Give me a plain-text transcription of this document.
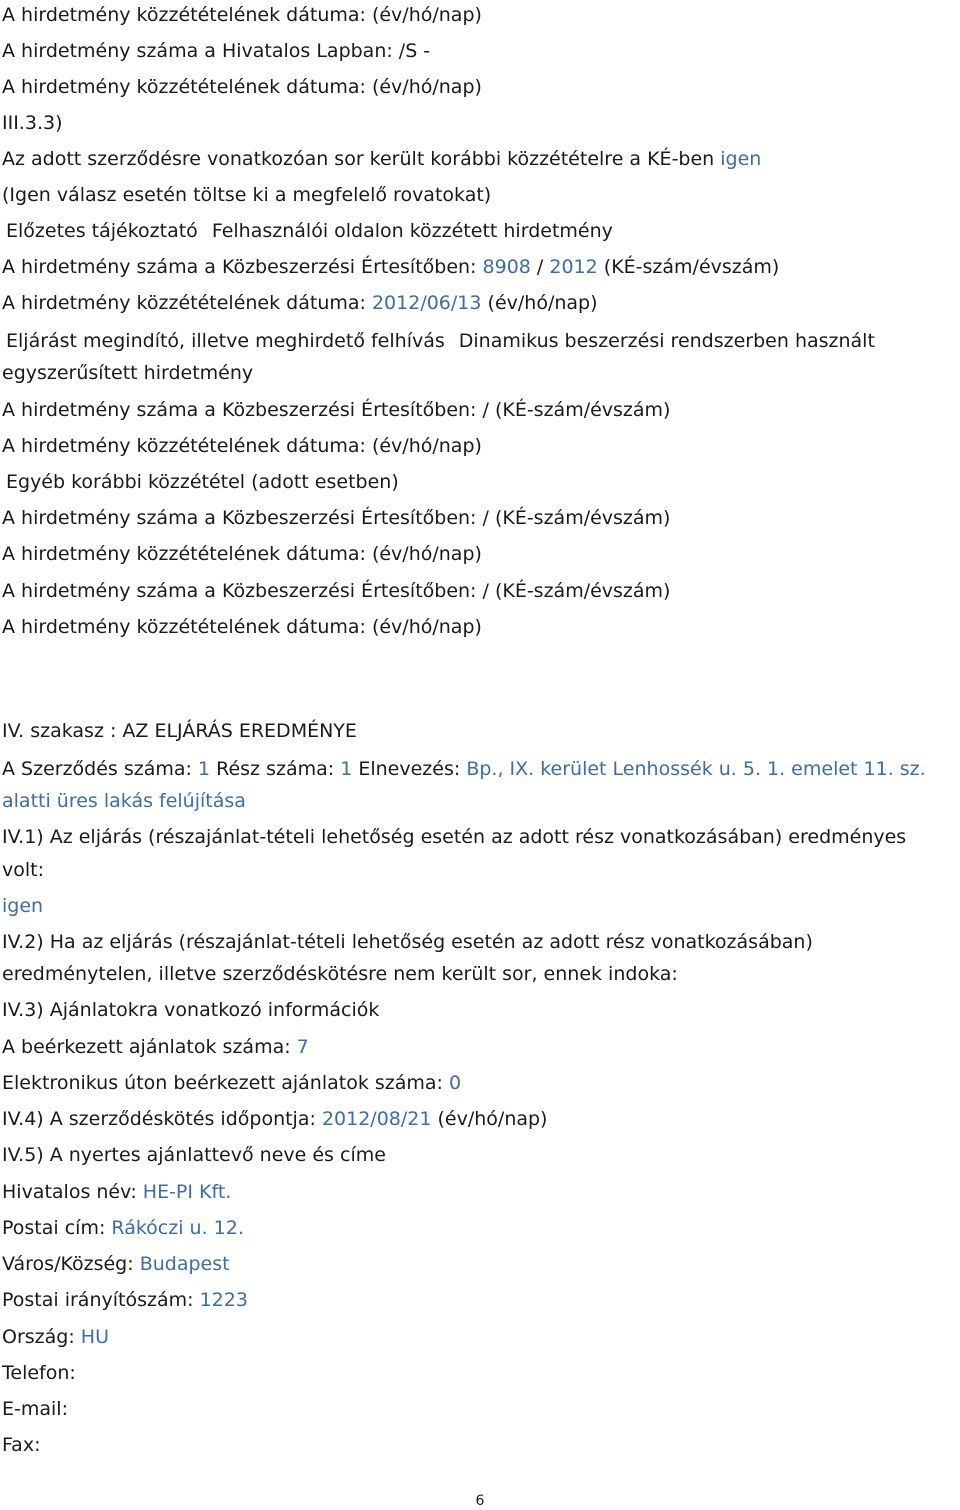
A hirdetmény közzétételének dátuma: (év/hó/nap)
A hirdetmény száma a Hivatalos Lapban: /S -
A hirdetmény közzétételének dátuma: (év/hó/nap)
III.3.3)
Az adott szerződésre vonatkozóan sor került korábbi közzétételre a KÉ-ben igen
(Igen válasz esetén töltse ki a megfelelő rovatokat)
Előzetes tájékoztató Felhasználói oldalon közzétett hirdetmény
A hirdetmény száma a Közbeszerzési Értesítőben: 8908 / 2012 (KÉ-szám/évszám)
A hirdetmény közzétételének dátuma: 2012/06/13 (év/hó/nap)
Eljárást megindító, illetve meghirdető felhívás Dinamikus beszerzési rendszerben használt
egyszerűsített hirdetmény
A hirdetmény száma a Közbeszerzési Értesítőben: / (KÉ-szám/évszám)
A hirdetmény közzétételének dátuma: (év/hó/nap)
Egyéb korábbi közzététel (adott esetben)
A hirdetmény száma a Közbeszerzési Értesítőben: / (KÉ-szám/évszám)
A hirdetmény közzétételének dátuma: (év/hó/nap)
A hirdetmény száma a Közbeszerzési Értesítőben: / (KÉ-szám/évszám)
A hirdetmény közzétételének dátuma: (év/hó/nap)
IV. szakasz : AZ ELJÁRÁS EREDMÉNYE
A Szerződés száma: 1 Rész száma: 1 Elnevezés: Bp., IX. kerület Lenhossék u. 5. 1. emelet 11. sz.
alatti üres lakás felújítása
IV.1) Az eljárás (részajánlat-tételi lehetőség esetén az adott rész vonatkozásában) eredményes
volt:
igen
IV.2) Ha az eljárás (részajánlat-tételi lehetőség esetén az adott rész vonatkozásában)
eredménytelen, illetve szerződéskötésre nem került sor, ennek indoka:
IV.3) Ajánlatokra vonatkozó információk
A beérkezett ajánlatok száma: 7
Elektronikus úton beérkezett ajánlatok száma: 0
IV.4) A szerződéskötés időpontja: 2012/08/21 (év/hó/nap)
IV.5) A nyertes ajánlattevő neve és címe
Hivatalos név: HE-PI Kft.
Postai cím: Rákóczi u. 12.
Város/Község: Budapest
Postai irányítószám: 1223
Ország: HU
Telefon:
E-mail:
Fax:
6
